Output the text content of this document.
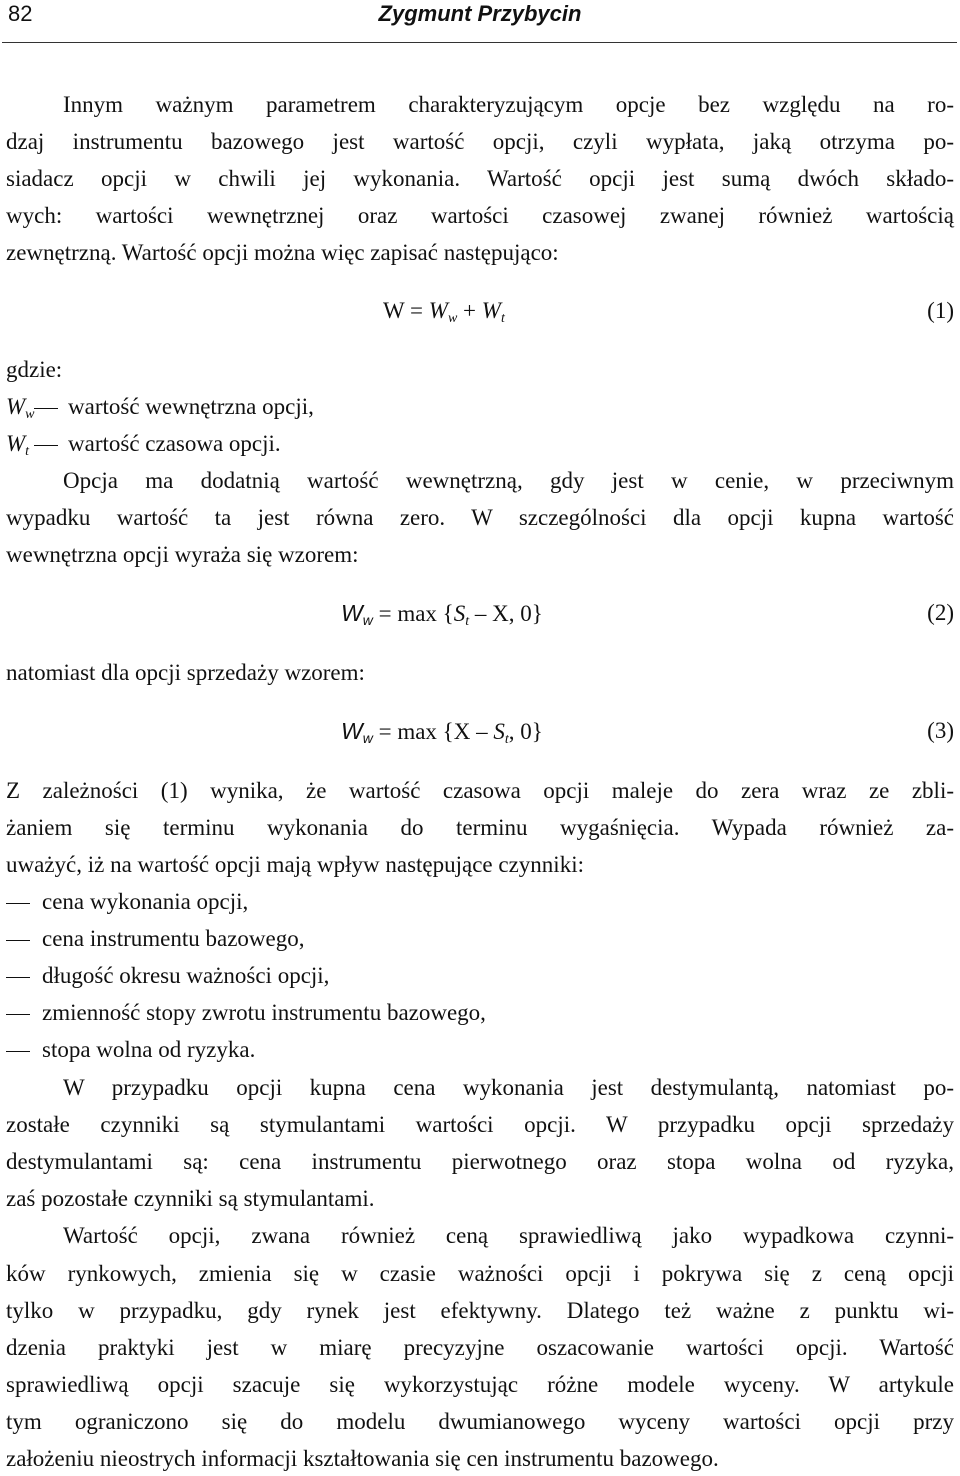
82	Zygmunt Przybycin
Innym ważnym parametrem charakteryzującym opcje bez względu na ro-
dzaj instrumentu bazowego jest wartość opcji, czyli wypłata, jaką otrzyma po-
siadacz opcji w chwili jej wykonania. Wartość opcji jest sumą dwóch składo-
wych: wartości wewnętrznej oraz wartości czasowej zwanej również wartością
zewnętrzną. Wartość opcji można więc zapisać następująco:
$W = W_w + W_t$	(1)
gdzie:
$W_w$ wartość wewnętrzna opcji,
$W_t$ wartość czasowa opcji.
Opcja ma dodatnią wartość wewnętrzną, gdy jest w cenie, w przeciwnym
wypadku wartość ta jest równa zero. W szczególności dla opcji kupna wartość
wewnętrzna opcji wyraża się wzorem:
$W_w = \max \{S_t - X$, 0}	(2)
natomiast dla opcji sprzedaży wzorem:
$W_w = \max \{X - S_t$, 0}	(3)
Z zależności (1) wynika, że wartość czasowa opcji maleje do zera wraz ze zbli-
żaniem się terminu wykonania do terminu wygaśnięcia. Wypada również za-
uważyć, iż na wartość opcji mają wpływ następujące czynniki:
cena wykonania opcji,
cena instrumentu bazowego,
długość okresu ważności opcji,
zmienność stopy zwrotu instrumentu bazowego,
stopa wolna od ryzyka.
W przypadku opcji kupna cena wykonania jest destymulantą, natomiast po-
zostałe czynniki są stymulantami wartości opcji. W przypadku opcji sprzedaży
destymulantami są: cena instrumentu pierwotnego oraz stopa wolna od ryzyka,
zaś pozostałe czynniki są stymulantami.
Wartość opcji, zwana również ceną sprawiedliwą jako wypadkowa czynni-
ków rynkowych, zmienia się w czasie ważności opcji i pokrywa się z ceną opcji
tylko w przypadku, gdy rynek jest efektywny. Dlatego też ważne z punktu wi-
dzenia praktyki jest w miarę precyzyjne oszacowanie wartości opcji. Wartość
sprawiedliwą opcji szacuje się wykorzystując różne modele wyceny. W artykule
tym ograniczono się do modelu dwumianowego wyceny wartości opcji przy
założeniu nieostrych informacji kształtowania się cen instrumentu bazowego.
